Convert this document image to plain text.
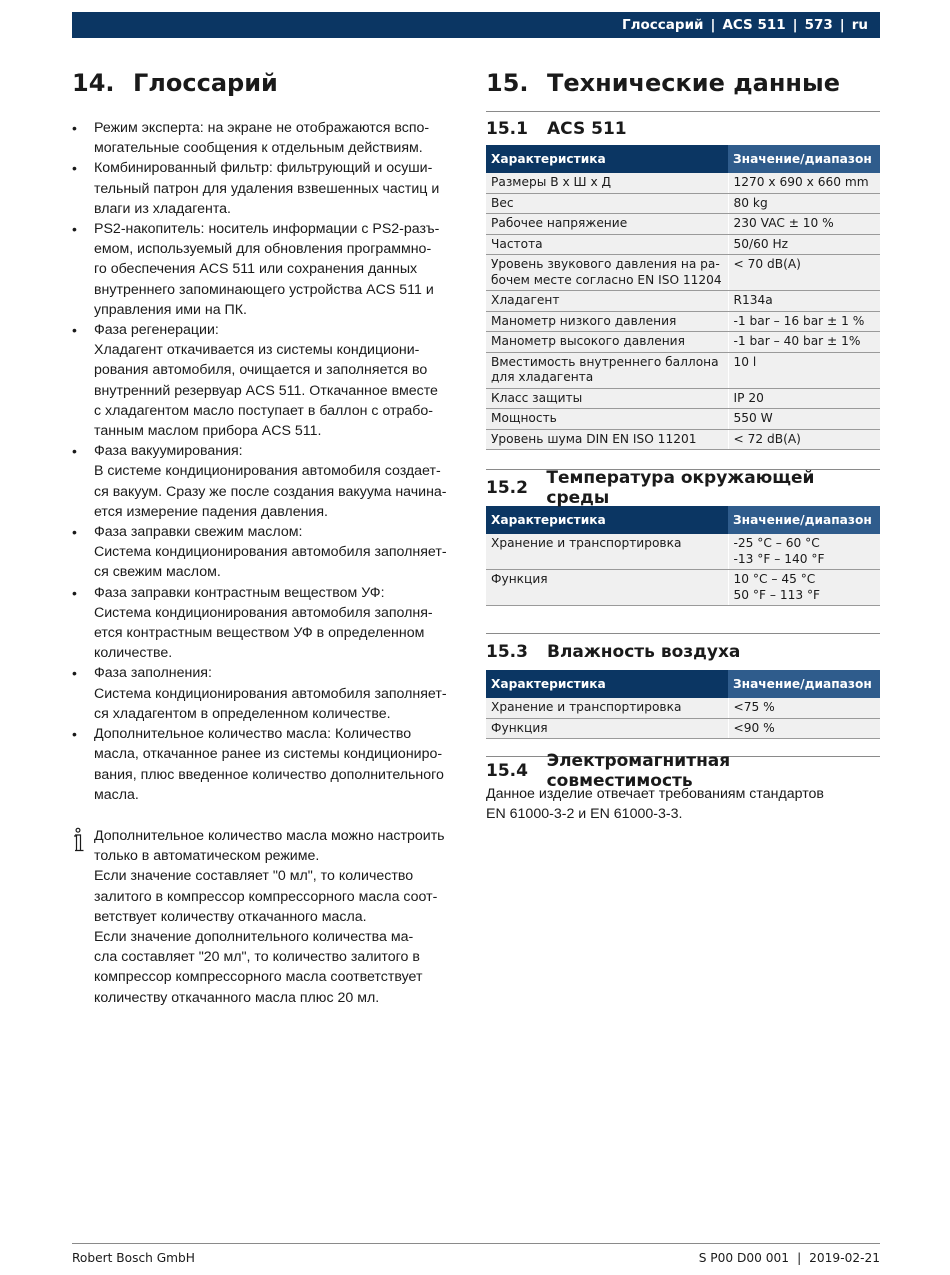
Глоссарий | ACS 511 | 573 | ru
14. Глоссарий
• Режим эксперта: на экране не отображаются вспо-
могательные сообщения к отдельным действиям.
• Комбинированный фильтр: фильтрующий и осуши-
тельный патрон для удаления взвешенных частиц и
влаги из хладагента.
• PS2-накопитель: носитель информации с PS2-разъ-
емом, используемый для обновления программно-
го обеспечения ACS 511 или сохранения данных
внутреннего запоминающего устройства ACS 511 и
управления ими на ПК.
• Фаза регенерации:
Хладагент откачивается из системы кондициони-
рования автомобиля, очищается и заполняется во
внутренний резервуар ACS 511. Откачанное вместе
с хладагентом масло поступает в баллон с отрабо-
танным маслом прибора ACS 511.
• Фаза вакуумирования:
В системе кондиционирования автомобиля создает-
ся вакуум. Сразу же после создания вакуума начина-
ется измерение падения давления.
• Фаза заправки свежим маслом:
Система кондиционирования автомобиля заполняет-
ся свежим маслом.
• Фаза заправки контрастным веществом УФ:
Система кондиционирования автомобиля заполня-
ется контрастным веществом УФ в определенном
количестве.
• Фаза заполнения:
Система кондиционирования автомобиля заполняет-
ся хладагентом в определенном количестве.
• Дополнительное количество масла: Количество
масла, откачанное ранее из системы кондициониро-
вания, плюс введенное количество дополнительного
масла.
Дополнительное количество масла можно настроить
только в автоматическом режиме.
Если значение составляет "0 мл", то количество
залитого в компрессор компрессорного масла соот-
ветствует количеству откачанного масла.
Если значение дополнительного количества ма-
сла составляет "20 мл", то количество залитого в
компрессор компрессорного масла соответствует
количеству откачанного масла плюс 20 мл.
15. Технические данные
15.1	ACS 511
Характеристика	Значение/диапазон

Размеры В x Ш x Д	1270 x 690 x 660 mm

Вес	80 kg

Рабочее напряжение	230 VAC ± 10 %

Частота	50/60 Hz

Уровень звукового давления на ра-
бочем месте согласно EN ISO 11204	< 70 dB(A)

Хладагент	R134a

Манометр низкого давления	-1 bar – 16 bar ± 1 %

Манометр высокого давления	-1 bar – 40 bar ± 1%

Вместимость внутреннего баллона
для хладагента	10 l

Класс защиты	IP 20

Мощность	550 W

Уровень шума DIN EN ISO 11201	< 72 dB(A)
15.2	Температура окружающей среды
Характеристика	Значение/диапазон

Хранение и транспортировка	-25 °C – 60 °C
-13 °F – 140 °F

Функция	10 °C – 45 °C
50 °F – 113 °F
15.3	Влажность воздуха
Характеристика	Значение/диапазон

Хранение и транспортировка	<75 %

Функция	<90 %
15.4	Электромагнитная совместимость
Данное изделие отвечает требованиям стандартов
EN 61000-3-2 и EN 61000-3-3.
Robert Bosch GmbH	S P00 D00 001 | 2019-02-21
